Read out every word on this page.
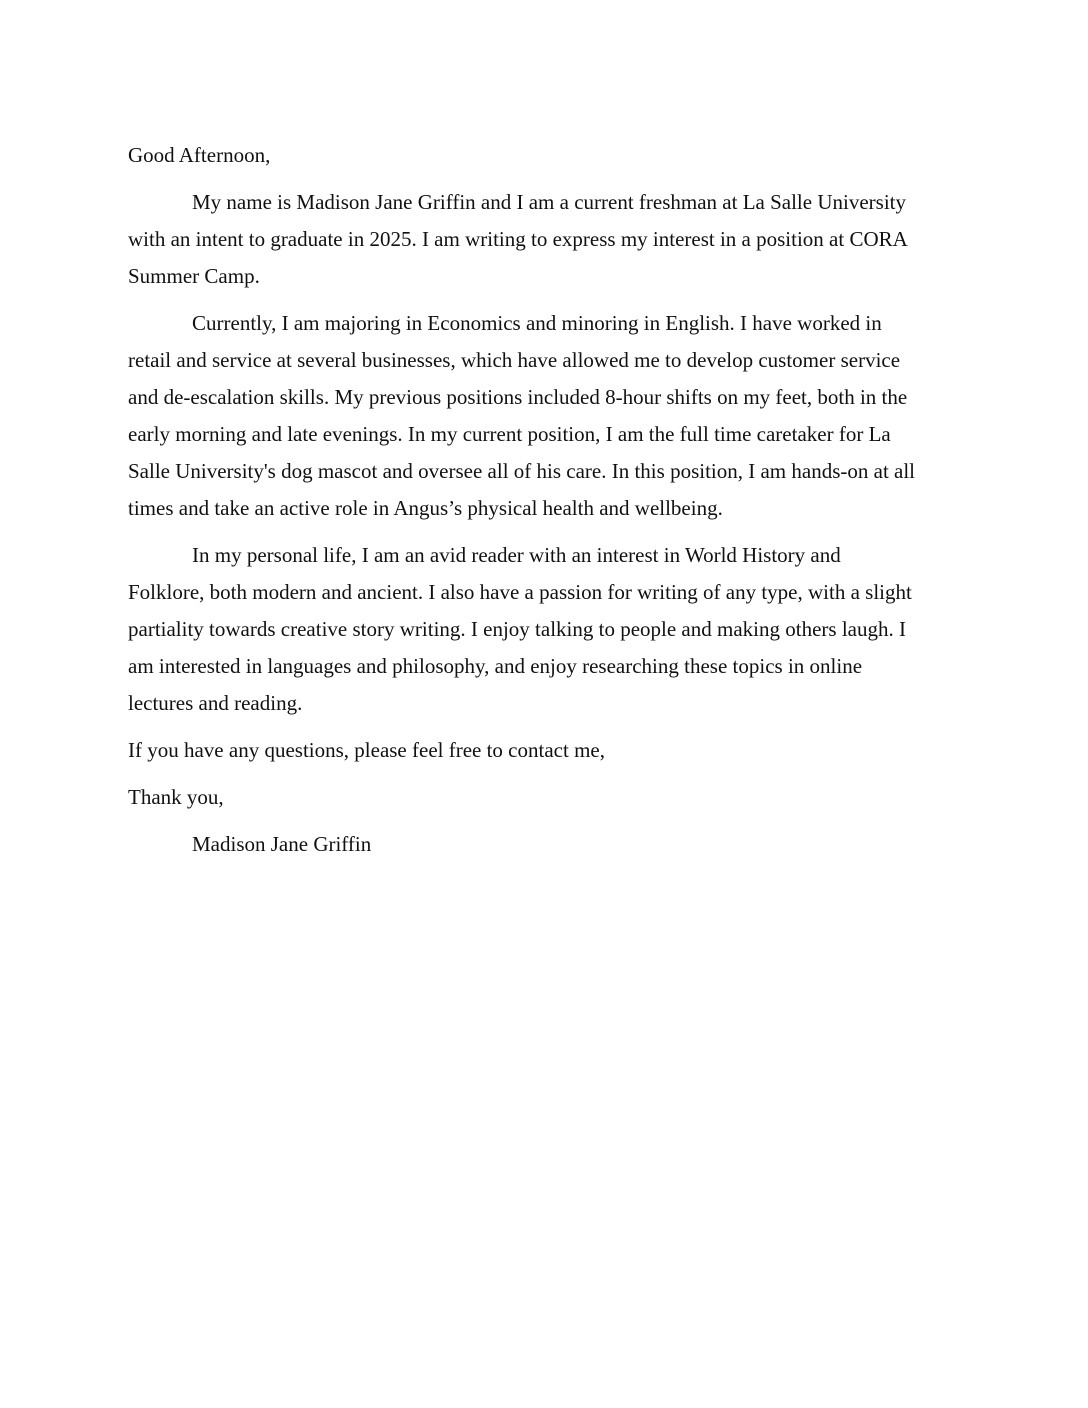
Good Afternoon,
My name is Madison Jane Griffin and I am a current freshman at La Salle University
with an intent to graduate in 2025. I am writing to express my interest in a position at CORA
Summer Camp.
Currently, I am majoring in Economics and minoring in English. I have worked in
retail and service at several businesses, which have allowed me to develop customer service
and de-escalation skills. My previous positions included 8-hour shifts on my feet, both in the
early morning and late evenings. In my current position, I am the full time caretaker for La
Salle University's dog mascot and oversee all of his care. In this position, I am hands-on at all
times and take an active role in Angus’s physical health and wellbeing.
In my personal life, I am an avid reader with an interest in World History and
Folklore, both modern and ancient. I also have a passion for writing of any type, with a slight
partiality towards creative story writing. I enjoy talking to people and making others laugh. I
am interested in languages and philosophy, and enjoy researching these topics in online
lectures and reading.
If you have any questions, please feel free to contact me,
Thank you,
Madison Jane Griffin
